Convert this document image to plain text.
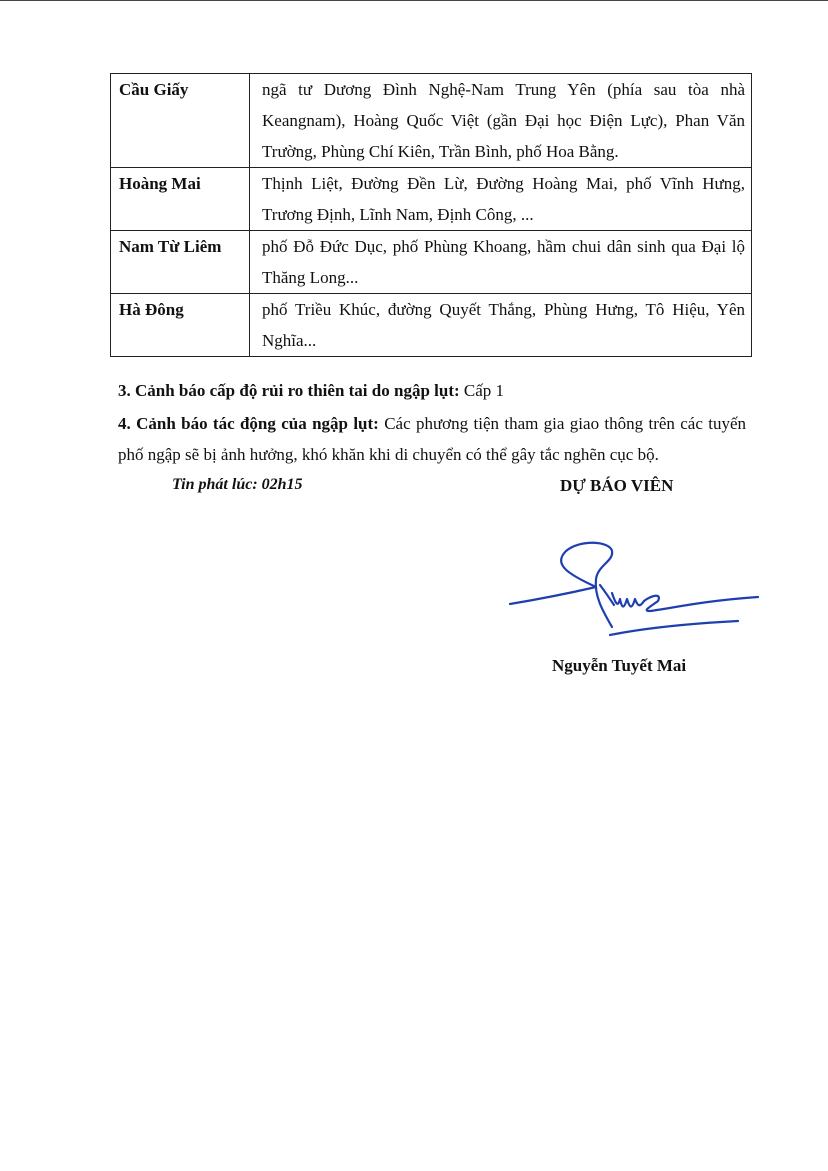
Cầu Giấy	ngã tư Dương Đình Nghệ-Nam Trung Yên (phía sau tòa nhà Keangnam), Hoàng Quốc Việt (gần Đại học Điện Lực), Phan Văn Trường, Phùng Chí Kiên, Trần Bình, phố Hoa Bằng.
Hoàng Mai	Thịnh Liệt, Đường Đền Lừ, Đường Hoàng Mai, phố Vĩnh Hưng, Trương Định, Lĩnh Nam, Định Công, ...
Nam Từ Liêm	phố Đỗ Đức Dục, phố Phùng Khoang, hầm chui dân sinh qua Đại lộ Thăng Long...
Hà Đông	phố Triều Khúc, đường Quyết Thắng, Phùng Hưng, Tô Hiệu, Yên Nghĩa...
3. Cảnh báo cấp độ rủi ro thiên tai do ngập lụt: Cấp 1
4. Cảnh báo tác động của ngập lụt: Các phương tiện tham gia giao thông trên các tuyến phố ngập sẽ bị ảnh hưởng, khó khăn khi di chuyển có thể gây tắc nghẽn cục bộ.
Tin phát lúc: 02h15	DỰ BÁO VIÊN
Nguyễn Tuyết Mai
